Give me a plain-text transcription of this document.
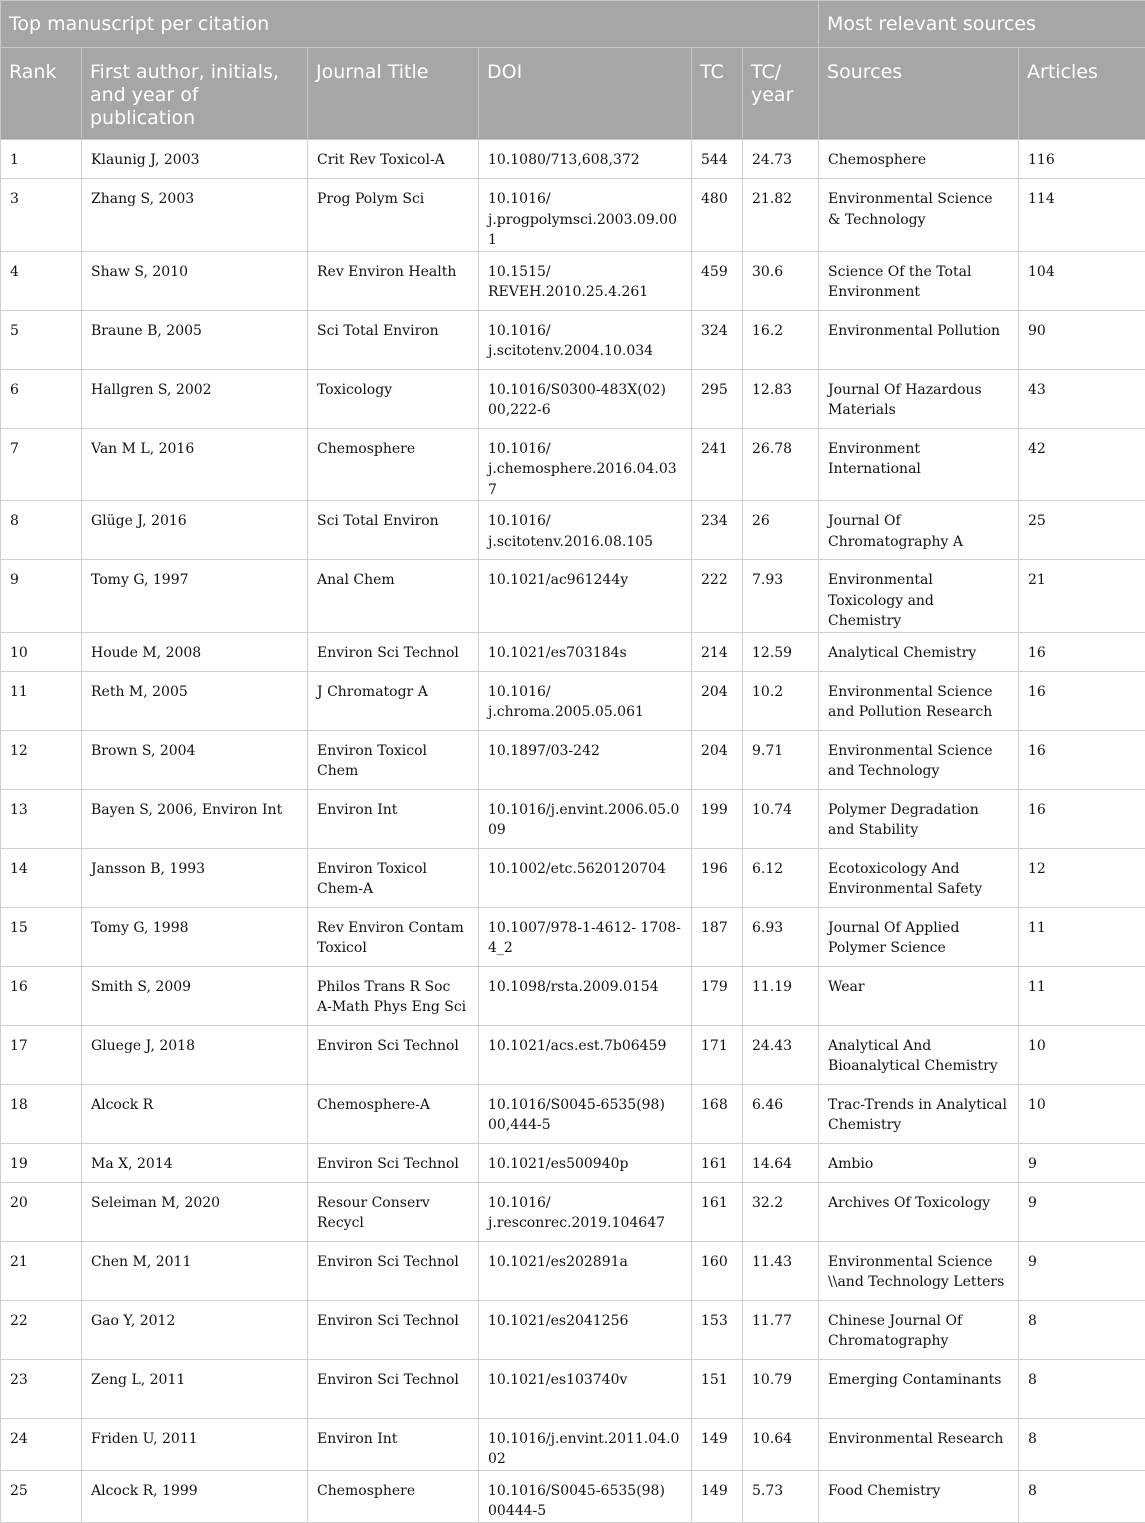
Top manuscript per citation						Most relevant sources	
Rank	First author, initials, and year of publication	Journal Title	DOI	TC	TC/ year	Sources	Articles
1	Klaunig J, 2003	Crit Rev Toxicol-A	10.1080/713,608,372	544	24.73	Chemosphere	116
3	Zhang S, 2003	Prog Polym Sci	10.1016/ j.progpolymsci.2003.09.001	480	21.82	Environmental Science & Technology	114
4	Shaw S, 2010	Rev Environ Health	10.1515/ REVEH.2010.25.4.261	459	30.6	Science Of the Total Environment	104
5	Braune B, 2005	Sci Total Environ	10.1016/ j.scitotenv.2004.10.034	324	16.2	Environmental Pollution	90
6	Hallgren S, 2002	Toxicology	10.1016/S0300-483X(02) 00,222-6	295	12.83	Journal Of Hazardous Materials	43
7	Van M L, 2016	Chemosphere	10.1016/ j.chemosphere.2016.04.037	241	26.78	Environment International	42
8	Glüge J, 2016	Sci Total Environ	10.1016/ j.scitotenv.2016.08.105	234	26	Journal Of Chromatography A	25
9	Tomy G, 1997	Anal Chem	10.1021/ac961244y	222	7.93	Environmental Toxicology and Chemistry	21
10	Houde M, 2008	Environ Sci Technol	10.1021/es703184s	214	12.59	Analytical Chemistry	16
11	Reth M, 2005	J Chromatogr A	10.1016/ j.chroma.2005.05.061	204	10.2	Environmental Science and Pollution Research	16
12	Brown S, 2004	Environ Toxicol Chem	10.1897/03-242	204	9.71	Environmental Science and Technology	16
13	Bayen S, 2006, Environ Int	Environ Int	10.1016/j.envint.2006.05.009	199	10.74	Polymer Degradation and Stability	16
14	Jansson B, 1993	Environ Toxicol Chem-A	10.1002/etc.5620120704	196	6.12	Ecotoxicology And Environmental Safety	12
15	Tomy G, 1998	Rev Environ Contam Toxicol	10.1007/978-1-4612- 1708-4_2	187	6.93	Journal Of Applied Polymer Science	11
16	Smith S, 2009	Philos Trans R Soc A-Math Phys Eng Sci	10.1098/rsta.2009.0154	179	11.19	Wear	11
17	Gluege J, 2018	Environ Sci Technol	10.1021/acs.est.7b06459	171	24.43	Analytical And Bioanalytical Chemistry	10
18	Alcock R	Chemosphere-A	10.1016/S0045-6535(98) 00,444-5	168	6.46	Trac-Trends in Analytical Chemistry	10
19	Ma X, 2014	Environ Sci Technol	10.1021/es500940p	161	14.64	Ambio	9
20	Seleiman M, 2020	Resour Conserv Recycl	10.1016/ j.resconrec.2019.104647	161	32.2	Archives Of Toxicology	9
21	Chen M, 2011	Environ Sci Technol	10.1021/es202891a	160	11.43	Environmental Science \\and Technology Letters	9
22	Gao Y, 2012	Environ Sci Technol	10.1021/es2041256	153	11.77	Chinese Journal Of Chromatography	8
23	Zeng L, 2011	Environ Sci Technol	10.1021/es103740v	151	10.79	Emerging Contaminants	8
24	Friden U, 2011	Environ Int	10.1016/j.envint.2011.04.002	149	10.64	Environmental Research	8
25	Alcock R, 1999	Chemosphere	10.1016/S0045-6535(98) 00444-5	149	5.73	Food Chemistry	8
